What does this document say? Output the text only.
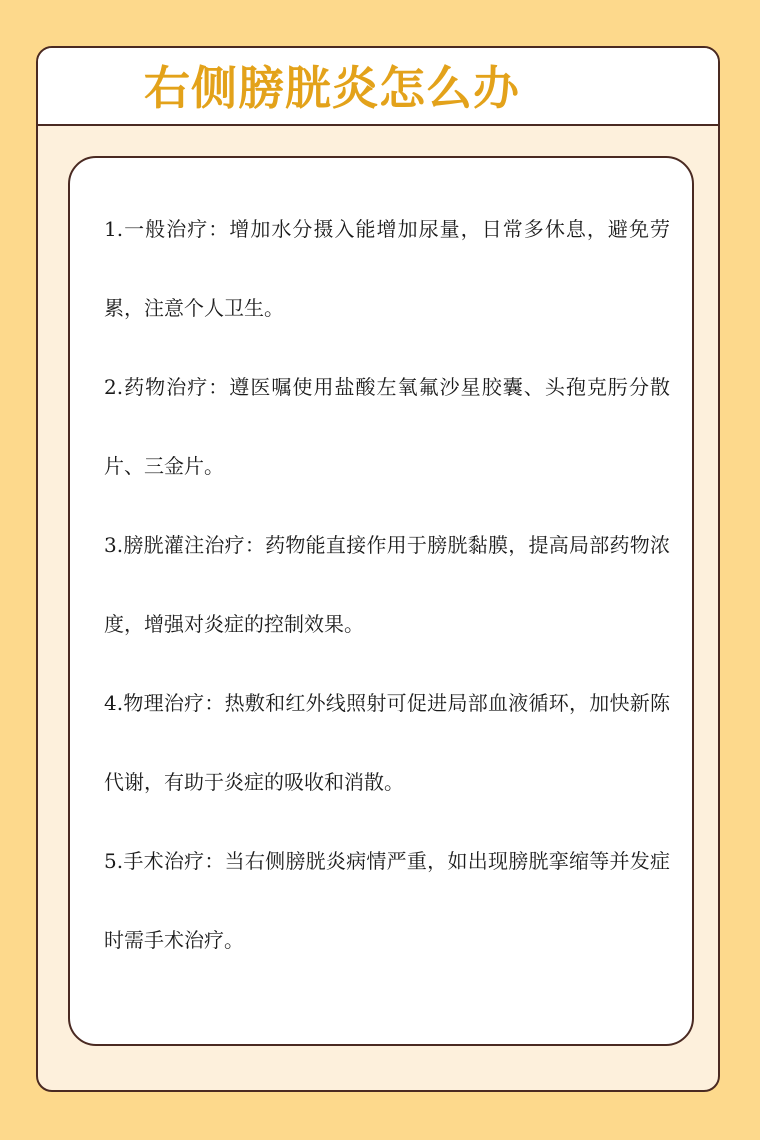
右侧膀胱炎怎么办
1.一般治疗：增加水分摄入能增加尿量，日常多休息，避免劳累，注意个人卫生。
2.药物治疗：遵医嘱使用盐酸左氧氟沙星胶囊、头孢克肟分散片、三金片。
3.膀胱灌注治疗：药物能直接作用于膀胱黏膜，提高局部药物浓度，增强对炎症的控制效果。
4.物理治疗：热敷和红外线照射可促进局部血液循环，加快新陈代谢，有助于炎症的吸收和消散。
5.手术治疗：当右侧膀胱炎病情严重，如出现膀胱挛缩等并发症时需手术治疗。
